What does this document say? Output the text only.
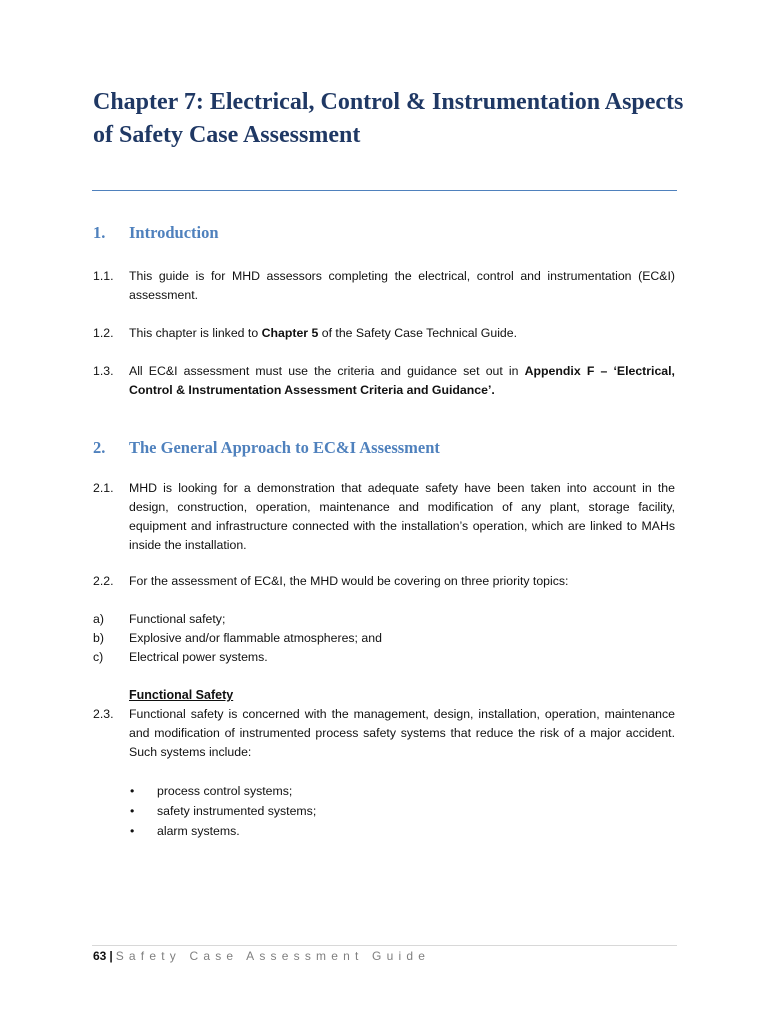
Chapter 7: Electrical, Control & Instrumentation Aspects of Safety Case Assessment
1. Introduction

1.1. This guide is for MHD assessors completing the electrical, control and instrumentation (EC&I) assessment.

1.2. This chapter is linked to Chapter 5 of the Safety Case Technical Guide.

1.3. All EC&I assessment must use the criteria and guidance set out in Appendix F – ‘Electrical, Control & Instrumentation Assessment Criteria and Guidance’.

2. The General Approach to EC&I Assessment

2.1. MHD is looking for a demonstration that adequate safety have been taken into account in the design, construction, operation, maintenance and modification of any plant, storage facility, equipment and infrastructure connected with the installation’s operation, which are linked to MAHs inside the installation.

2.2. For the assessment of EC&I, the MHD would be covering on three priority topics:

a) Functional safety;

b) Explosive and/or flammable atmospheres; and

c) Electrical power systems.

Functional Safety

2.3. Functional safety is concerned with the management, design, installation, operation, maintenance and modification of instrumented process safety systems that reduce the risk of a major accident. Such systems include:

• process control systems;
• safety instrumented systems;
• alarm systems.
63 | Safety Case Assessment Guide
